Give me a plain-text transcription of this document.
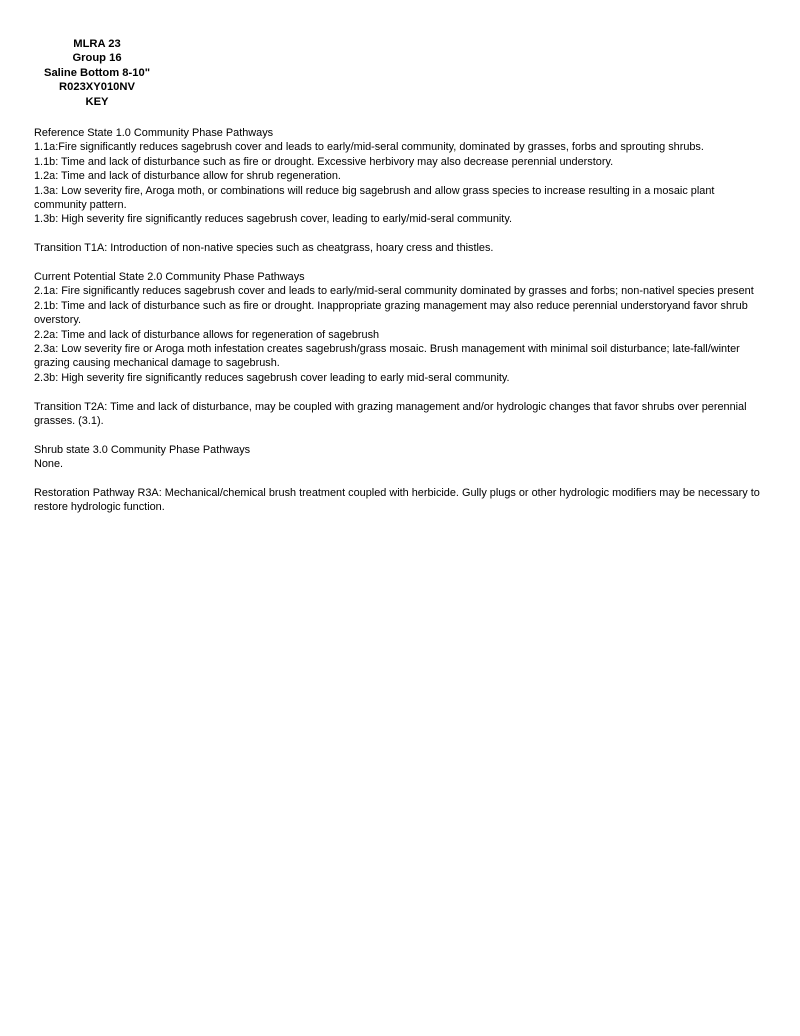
MLRA 23
Group 16
Saline Bottom 8-10"
R023XY010NV
KEY

Reference State 1.0 Community Phase Pathways

1.1a:Fire significantly reduces sagebrush cover and leads to early/mid-seral community, dominated by grasses, forbs and sprouting shrubs.

1.1b: Time and lack of disturbance such as fire or drought. Excessive herbivory may also decrease perennial understory.

1.2a: Time and lack of disturbance allow for shrub regeneration.

1.3a: Low severity fire, Aroga moth, or combinations will reduce big sagebrush and allow grass species to increase resulting in a mosaic plant community pattern.

1.3b: High severity fire significantly reduces sagebrush cover, leading to early/mid-seral community.

Transition T1A: Introduction of non-native species such as cheatgrass, hoary cress and thistles.

Current Potential State 2.0 Community Phase Pathways

2.1a: Fire significantly reduces sagebrush cover and leads to early/mid-seral community dominated by grasses and forbs; non-nativel species present

2.1b: Time and lack of disturbance such as fire or drought. Inappropriate grazing management may also reduce perennial understoryand favor shrub overstory.

2.2a: Time and lack of disturbance allows for regeneration of sagebrush

2.3a: Low severity fire or Aroga moth infestation creates sagebrush/grass mosaic. Brush management with minimal soil disturbance; late-fall/winter grazing causing mechanical damage to sagebrush.

2.3b: High severity fire significantly reduces sagebrush cover leading to early mid-seral community.

Transition T2A: Time and lack of disturbance, may be coupled with grazing management and/or hydrologic changes that favor shrubs over perennial grasses. (3.1).

Shrub state 3.0 Community Phase Pathways

None.

Restoration Pathway R3A: Mechanical/chemical brush treatment coupled with herbicide. Gully plugs or other hydrologic modifiers may be necessary to restore hydrologic function.
